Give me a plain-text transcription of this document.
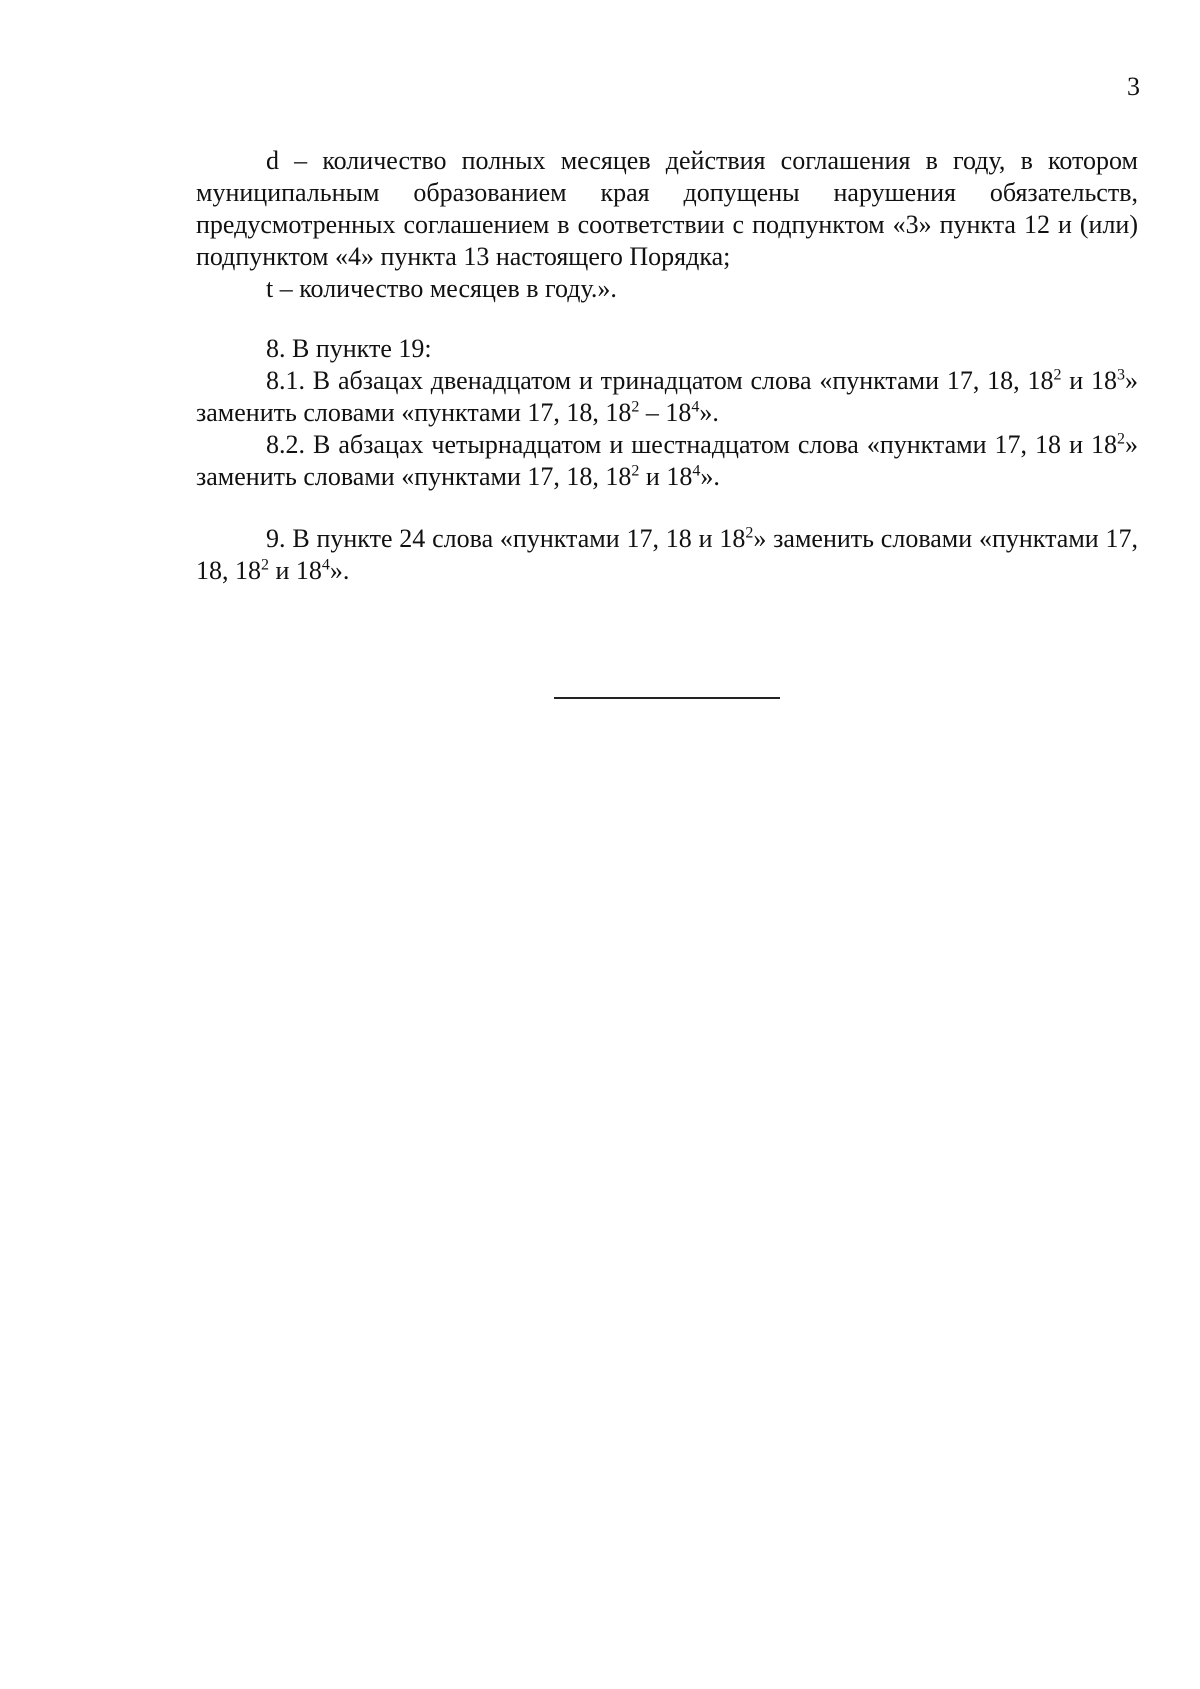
3

d – количество полных месяцев действия соглашения в году, в котором муниципальным образованием края допущены нарушения обязательств, предусмотренных соглашением в соответствии с подпунктом «3» пункта 12 и (или) подпунктом «4» пункта 13 настоящего Порядка;

t – количество месяцев в году.».

8. В пункте 19:

8.1. В абзацах двенадцатом и тринадцатом слова «пунктами 17, 18, $18^2$ и $18^3$» заменить словами «пунктами 17, 18, $18^2 - 18^4$».

8.2. В абзацах четырнадцатом и шестнадцатом слова «пунктами 17, 18 и $18^2$» заменить словами «пунктами 17, 18, $18^2$ и $18^4$».

9. В пункте 24 слова «пунктами 17, 18 и $18^2$» заменить словами «пунктами 17, 18, $18^2$ и $18^4$».
